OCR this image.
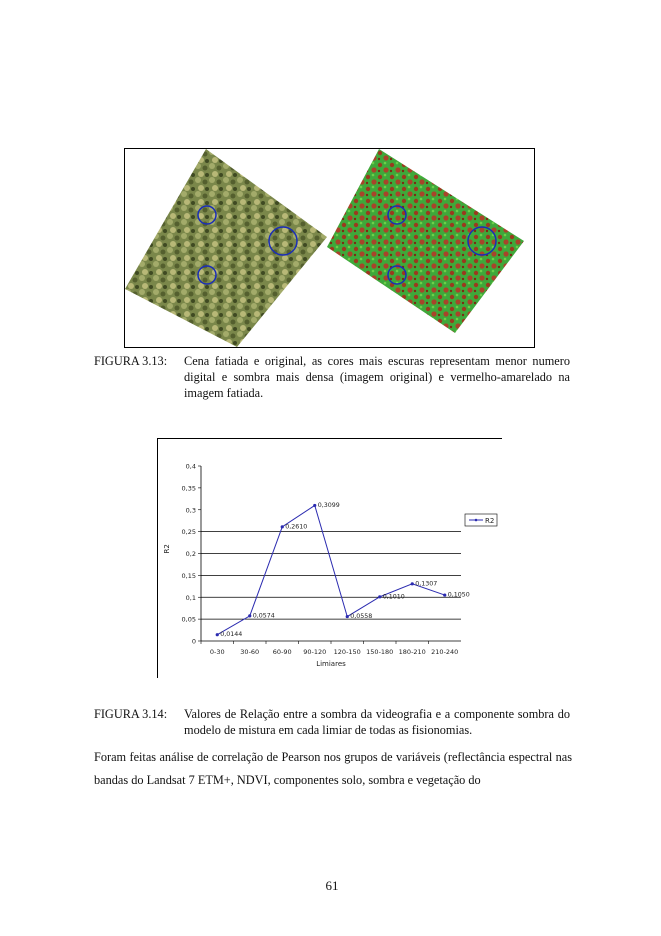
FIGURA 3.13: Cena fatiada e original, as cores mais escuras representam menor numero digital e sombra mais densa (imagem original) e vermelho-amarelado na imagem fatiada.
0
0,05
0,1
0,15
0,2
0,25
0,3
0,35
0,4
0-30 30-60 60-90 90-120 120-150 150-180 180-210 210-240
0,0144
0,0574
0,2610
0,3099
0,0558
0,1010
0,1307
0,1050
R2
Limiares
R2
FIGURA 3.14: Valores de Relação entre a sombra da videografia e a componente sombra do modelo de mistura em cada limiar de todas as fisionomias.
Foram feitas análise de correlação de Pearson nos grupos de variáveis (reflectância espectral nas bandas do Landsat 7 ETM+, NDVI, componentes solo, sombra e vegetação do
61
